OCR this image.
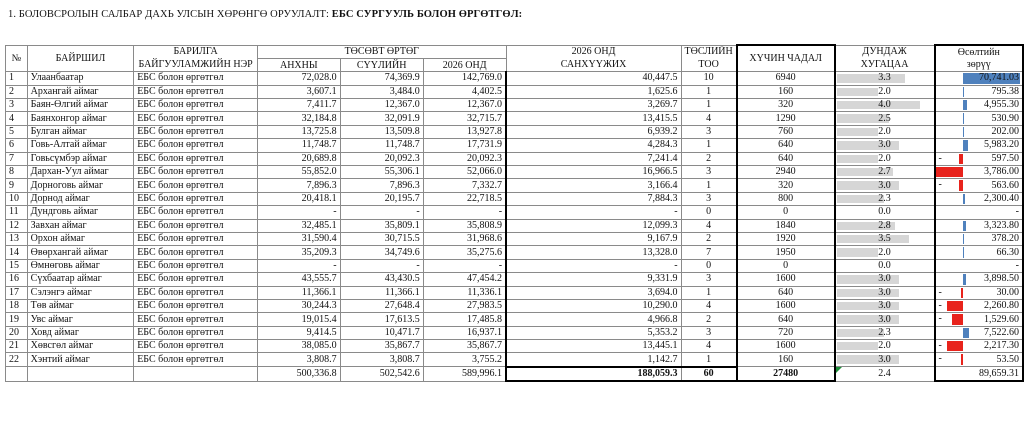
1. БОЛОВСРОЛЫН САЛБАР ДАХЬ УЛСЫН ХӨРӨНГӨ ОРУУЛАЛТ: ЕБС СУРГУУЛЬ БОЛОН ӨРГӨТГӨЛ:
№	БАЙРШИЛ	БАРИЛГА	ТӨСӨВТ ӨРТӨГ			2026 ОНД	ТӨСЛИЙН	ХҮЧИН ЧАДАЛ	ДУНДАЖ	Өсөлтийн
		БАЙГУУЛАМЖИЙН НЭР	АНХНЫ	СҮҮЛИЙН	2026 ОНД	САНХҮҮЖИХ	ТОО		ХУГАЦАА	зөрүү
1	Улаанбаатар	ЕБС болон өргөтгөл	72,028.0	74,369.9	142,769.0	40,447.5	10	6940	3.3	70,741.03
2	Архангай аймаг	ЕБС болон өргөтгөл	3,607.1	3,484.0	4,402.5	1,625.6	1	160	2.0	795.38
3	Баян-Өлгий аймаг	ЕБС болон өргөтгөл	7,411.7	12,367.0	12,367.0	3,269.7	1	320	4.0	4,955.30
4	Баянхонгор аймаг	ЕБС болон өргөтгөл	32,184.8	32,091.9	32,715.7	13,415.5	4	1290	2.5	530.90
5	Булган аймаг	ЕБС болон өргөтгөл	13,725.8	13,509.8	13,927.8	6,939.2	3	760	2.0	202.00
6	Говь-Алтай аймаг	ЕБС болон өргөтгөл	11,748.7	11,748.7	17,731.9	4,284.3	1	640	3.0	5,983.20
7	Говьсүмбэр аймаг	ЕБС болон өргөтгөл	20,689.8	20,092.3	20,092.3	7,241.4	2	640	2.0	- 597.50
8	Дархан-Уул аймаг	ЕБС болон өргөтгөл	55,852.0	55,306.1	52,066.0	16,966.5	3	2940	2.7	3,786.00
9	Дорноговь аймаг	ЕБС болон өргөтгөл	7,896.3	7,896.3	7,332.7	3,166.4	1	320	3.0	- 563.60
10	Дорнод аймаг	ЕБС болон өргөтгөл	20,418.1	20,195.7	22,718.5	7,884.3	3	800	2.3	2,300.40
11	Дундговь аймаг	ЕБС болон өргөтгөл	-	-	-	-	0	0	0.0	-
12	Завхан аймаг	ЕБС болон өргөтгөл	32,485.1	35,809.1	35,808.9	12,099.3	4	1840	2.8	3,323.80
13	Орхон аймаг	ЕБС болон өргөтгөл	31,590.4	30,715.5	31,968.6	9,167.9	2	1920	3.5	378.20
14	Өвөрхангай аймаг	ЕБС болон өргөтгөл	35,209.3	34,749.6	35,275.6	13,328.0	7	1950	2.0	66.30
15	Өмнөговь аймаг	ЕБС болон өргөтгөл	-	-	-	-	0	0	0.0	-
16	Сүхбаатар аймаг	ЕБС болон өргөтгөл	43,555.7	43,430.5	47,454.2	9,331.9	3	1600	3.0	3,898.50
17	Сэлэнгэ аймаг	ЕБС болон өргөтгөл	11,366.1	11,366.1	11,336.1	3,694.0	1	640	3.0	- 30.00
18	Төв аймаг	ЕБС болон өргөтгөл	30,244.3	27,648.4	27,983.5	10,290.0	4	1600	3.0	- 2,260.80
19	Увс аймаг	ЕБС болон өргөтгөл	19,015.4	17,613.5	17,485.8	4,966.8	2	640	3.0	- 1,529.60
20	Ховд аймаг	ЕБС болон өргөтгөл	9,414.5	10,471.7	16,937.1	5,353.2	3	720	2.3	7,522.60
21	Хөвсгөл аймаг	ЕБС болон өргөтгөл	38,085.0	35,867.7	35,867.7	13,445.1	4	1600	2.0	- 2,217.30
22	Хэнтий аймаг	ЕБС болон өргөтгөл	3,808.7	3,808.7	3,755.2	1,142.7	1	160	3.0	- 53.50
			500,336.8	502,542.6	589,996.1	188,059.3	60	27480	2.4	89,659.31
